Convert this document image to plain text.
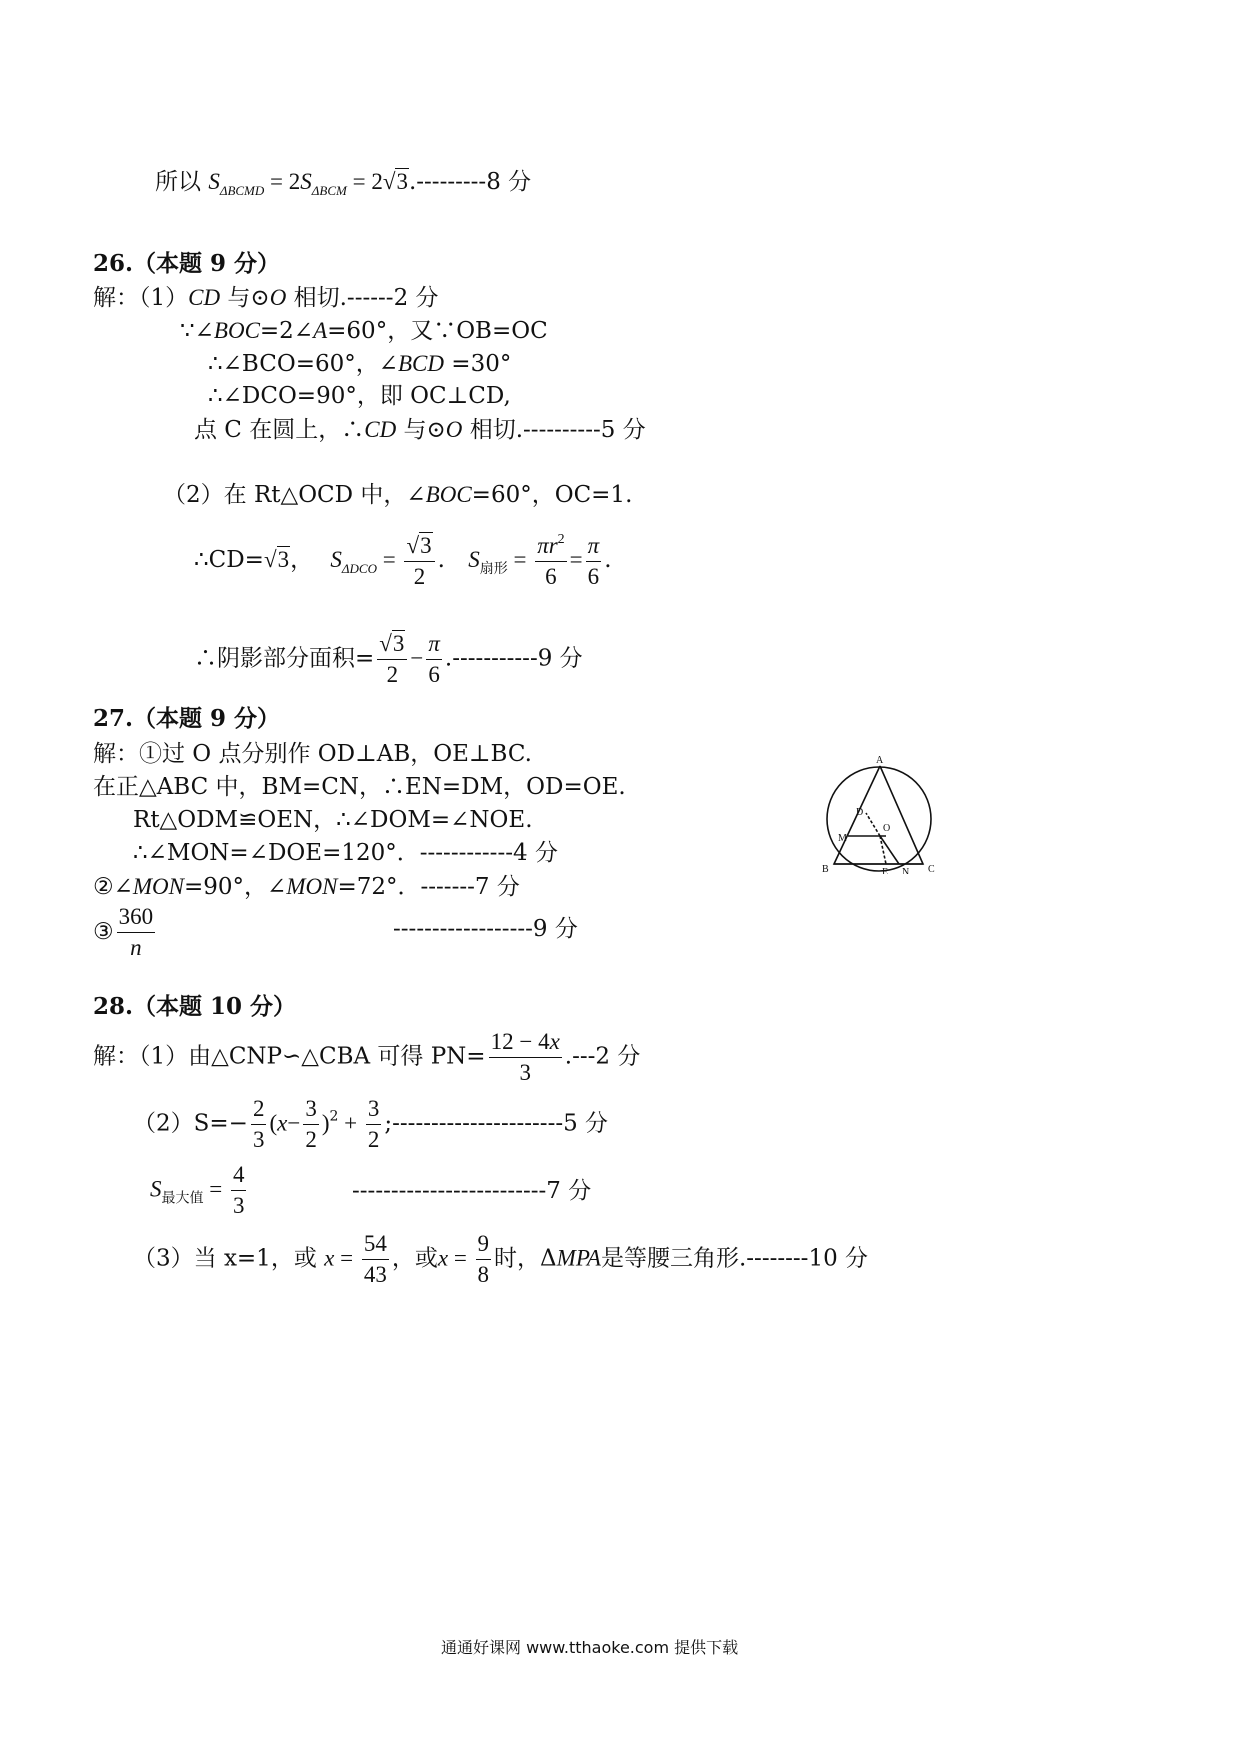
所以 $S_{\Delta BCMD} = 2S_{\Delta BCM} = 2√3.---------8$ 分
26.（本题 9 分）
解：（1）CD 与⊙O 相切.------2 分
∵∠BOC=2∠A=60°，又∵OB=OC
∴∠BCO=60°，∠BCD =30°
∴∠DCO=90°，即 OC⊥CD,
点 C 在圆上，∴CD 与⊙O 相切.----------5 分
（2）在 Rt△OCD 中，∠BOC=60°，OC=1.
∴CD=√3， $S_{\Delta DCO} = \frac{√3}{2}$ . $S_{扇形} = \frac{\pi r^2}{6} = \frac{\pi}{6}$ .
∴阴影部分面积= $\frac{√3}{2} - \frac{\pi}{6} .-----------9$ 分
27.（本题 9 分）
解：①过 O 点分别作 OD⊥AB，OE⊥BC.
在正△ABC 中，BM=CN，∴EN=DM，OD=OE.
Rt△ODM≌OEN，∴∠DOM=∠NOE.
∴∠MON=∠DOE=120°．------------4 分
②∠MON=90°，∠MON=72°．-------7 分
③ $\frac{360}{n}$	------------------9 分
A
B	C
D
E
M
N
O
28.（本题 10 分）
解：（1）由△CNP∽△CBA 可得 $PN= \frac{12 - 4x}{3} .---2$ 分
$(2)S=- \frac{2}{3} (x- \frac{3}{2} )^2 + \frac{3}{2}$ ;----------------------5 分
$S_{最大值} = \frac{4}{3}$	-------------------------7 分
（3）当 x=1，或 $x = \frac{54}{43}$ ，或$x = \frac{9}{8}$ 时，ΔMPA是等腰三角形.--------10 分
通通好课网 www.tthaoke.com 提供下载
